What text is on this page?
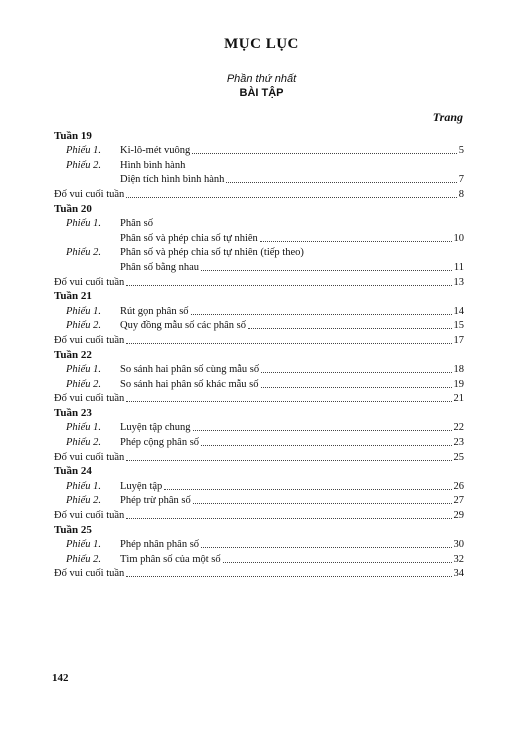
MỤC LỤC
Phần thứ nhất
BÀI TẬP
Trang
Tuần 19
Phiếu 1.	Ki-lô-mét vuông	5
Phiếu 2.	Hình bình hành
Diện tích hình bình hành	7
Đố vui cuối tuần	8
Tuần 20
Phiếu 1.	Phân số
Phân số và phép chia số tự nhiên	10
Phiếu 2.	Phân số và phép chia số tự nhiên (tiếp theo)
Phân số bằng nhau	11
Đố vui cuối tuần	13
Tuần 21
Phiếu 1.	Rút gọn phân số	14
Phiếu 2.	Quy đồng mẫu số các phân số	15
Đố vui cuối tuần	17
Tuần 22
Phiếu 1.	So sánh hai phân số cùng mẫu số	18
Phiếu 2.	So sánh hai phân số khác mẫu số	19
Đố vui cuối tuần	21
Tuần 23
Phiếu 1.	Luyện tập chung	22
Phiếu 2.	Phép cộng phân số	23
Đố vui cuối tuần	25
Tuần 24
Phiếu 1.	Luyện tập	26
Phiếu 2.	Phép trừ phân số	27
Đố vui cuối tuần	29
Tuần 25
Phiếu 1.	Phép nhân phân số	30
Phiếu 2.	Tìm phân số của một số	32
Đố vui cuối tuần	34
142
